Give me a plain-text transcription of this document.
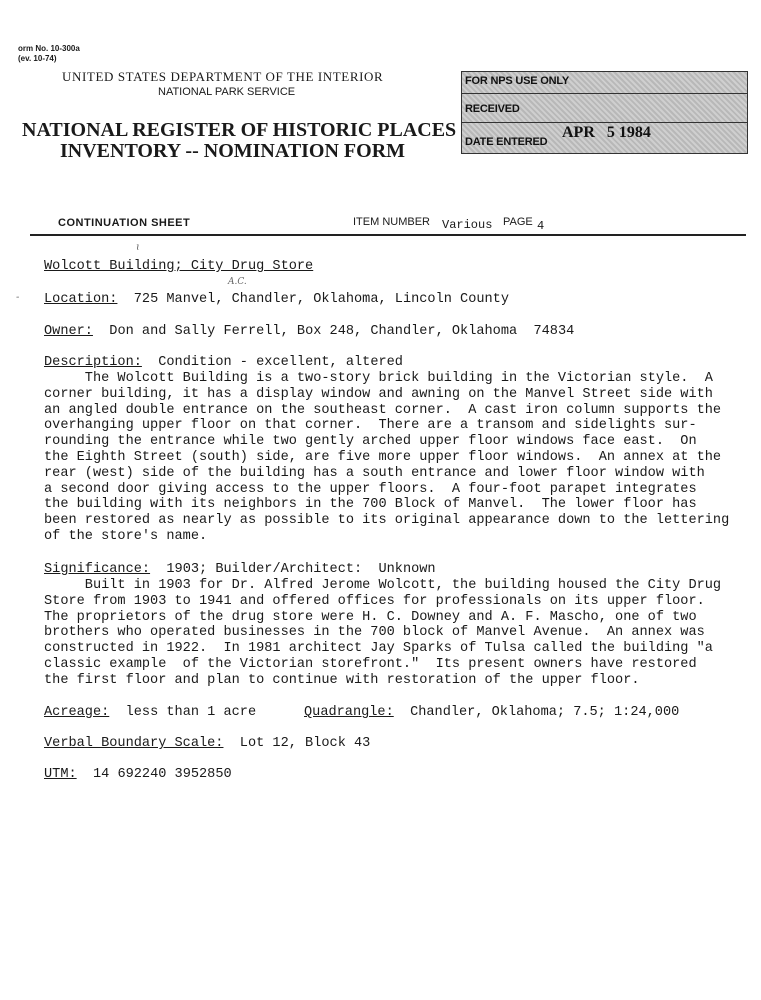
orm No. 10-300a
(ev. 10-74)
UNITED STATES DEPARTMENT OF THE INTERIOR
NATIONAL PARK SERVICE
NATIONAL REGISTER OF HISTORIC PLACES
INVENTORY -- NOMINATION FORM
FOR NPS USE ONLY
RECEIVED
DATE ENTERED
APR   5 1984
CONTINUATION SHEET	ITEM NUMBER Various PAGE 4
ɩ
A.C.
-
Wolcott Building; City Drug Store
Location: 725 Manvel, Chandler, Oklahoma, Lincoln County
Owner: Don and Sally Ferrell, Box 248, Chandler, Oklahoma  74834
Description: Condition - excellent, altered
The Wolcott Building is a two-story brick building in the Victorian style.  A
corner building, it has a display window and awning on the Manvel Street side with
an angled double entrance on the southeast corner.  A cast iron column supports the
overhanging upper floor on that corner.  There are a transom and sidelights sur-
rounding the entrance while two gently arched upper floor windows face east.  On
the Eighth Street (south) side, are five more upper floor windows.  An annex at the
rear (west) side of the building has a south entrance and lower floor window with
a second door giving access to the upper floors.  A four-foot parapet integrates
the building with its neighbors in the 700 Block of Manvel.  The lower floor has
been restored as nearly as possible to its original appearance down to the lettering
of the store's name.
Significance: 1903; Builder/Architect:  Unknown
Built in 1903 for Dr. Alfred Jerome Wolcott, the building housed the City Drug
Store from 1903 to 1941 and offered offices for professionals on its upper floor.
The proprietors of the drug store were H. C. Downey and A. F. Mascho, one of two
brothers who operated businesses in the 700 block of Manvel Avenue.  An annex was
constructed in 1922.  In 1981 architect Jay Sparks of Tulsa called the building "a
classic example  of the Victorian storefront."  Its present owners have restored
the first floor and plan to continue with restoration of the upper floor.
Acreage: less than 1 acre	Quadrangle: Chandler, Oklahoma; 7.5; 1:24,000
Verbal Boundary Scale: Lot 12, Block 43
UTM: 14 692240 3952850
